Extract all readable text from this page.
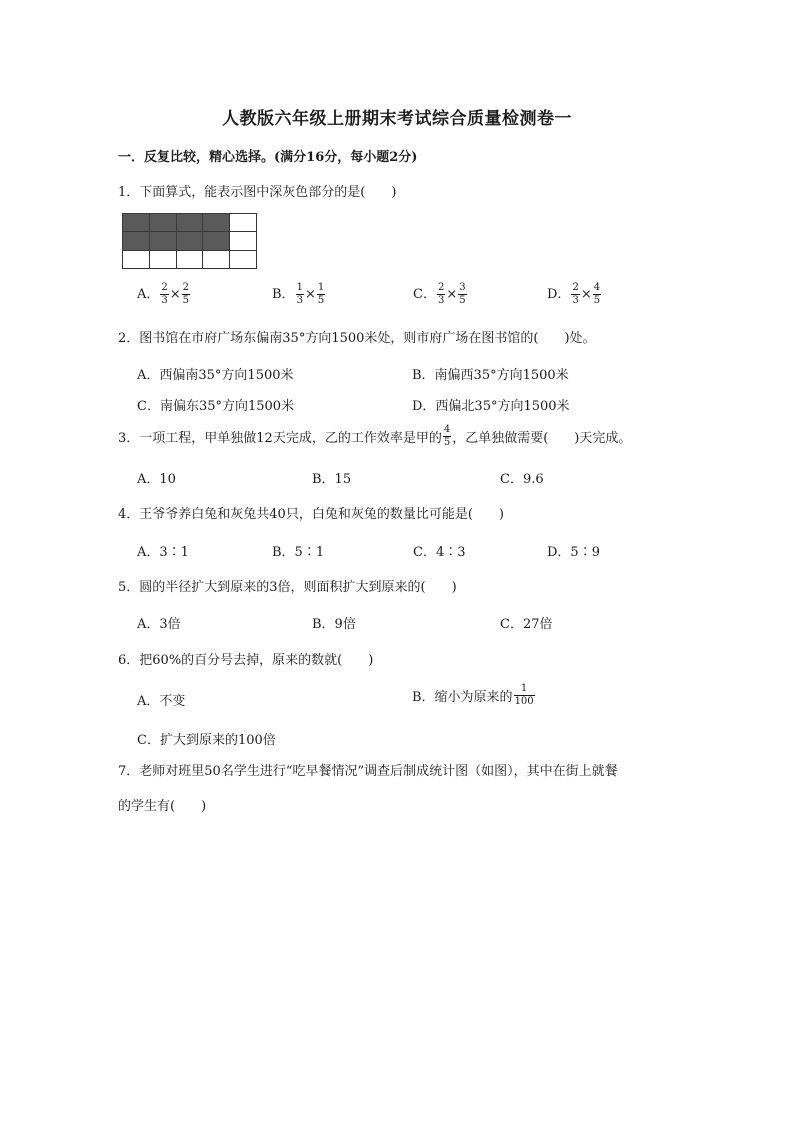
人教版六年级上册期末考试综合质量检测卷一
一．反复比较，精心选择。(满分16分，每小题2分)
1．下面算式，能表示图中深灰色部分的是(　　)
A． $\frac{2}{3} \times \frac{2}{5}$	B． $\frac{1}{3} \times \frac{1}{5}$	C． $\frac{2}{3} \times \frac{3}{5}$	D． $\frac{2}{3} \times \frac{4}{5}$
2．图书馆在市府广场东偏南35°方向1500米处，则市府广场在图书馆的(　　)处。
A．西偏南35°方向1500米	B．南偏西35°方向1500米
C．南偏东35°方向1500米	D．西偏北35°方向1500米
3．一项工程，甲单独做12天完成，乙的工作效率是甲的 $\frac{4}{5}$ ，乙单独做需要(　　)天完成。
A．10	B．15	C．9.6
4．王爷爷养白兔和灰兔共40只，白兔和灰兔的数量比可能是(　　)
A．3∶1	B．5∶1	C．4∶3	D．5∶9
5．圆的半径扩大到原来的3倍，则面积扩大到原来的(　　)
A．3倍	B．9倍	C．27倍
6．把60%的百分号去掉，原来的数就(　　)
A．不变	B．缩小为原来的 $\frac{1}{100}$
C．扩大到原来的100倍
7．老师对班里50名学生进行“吃早餐情况”调查后制成统计图（如图），其中在街上就餐
的学生有(　　)
